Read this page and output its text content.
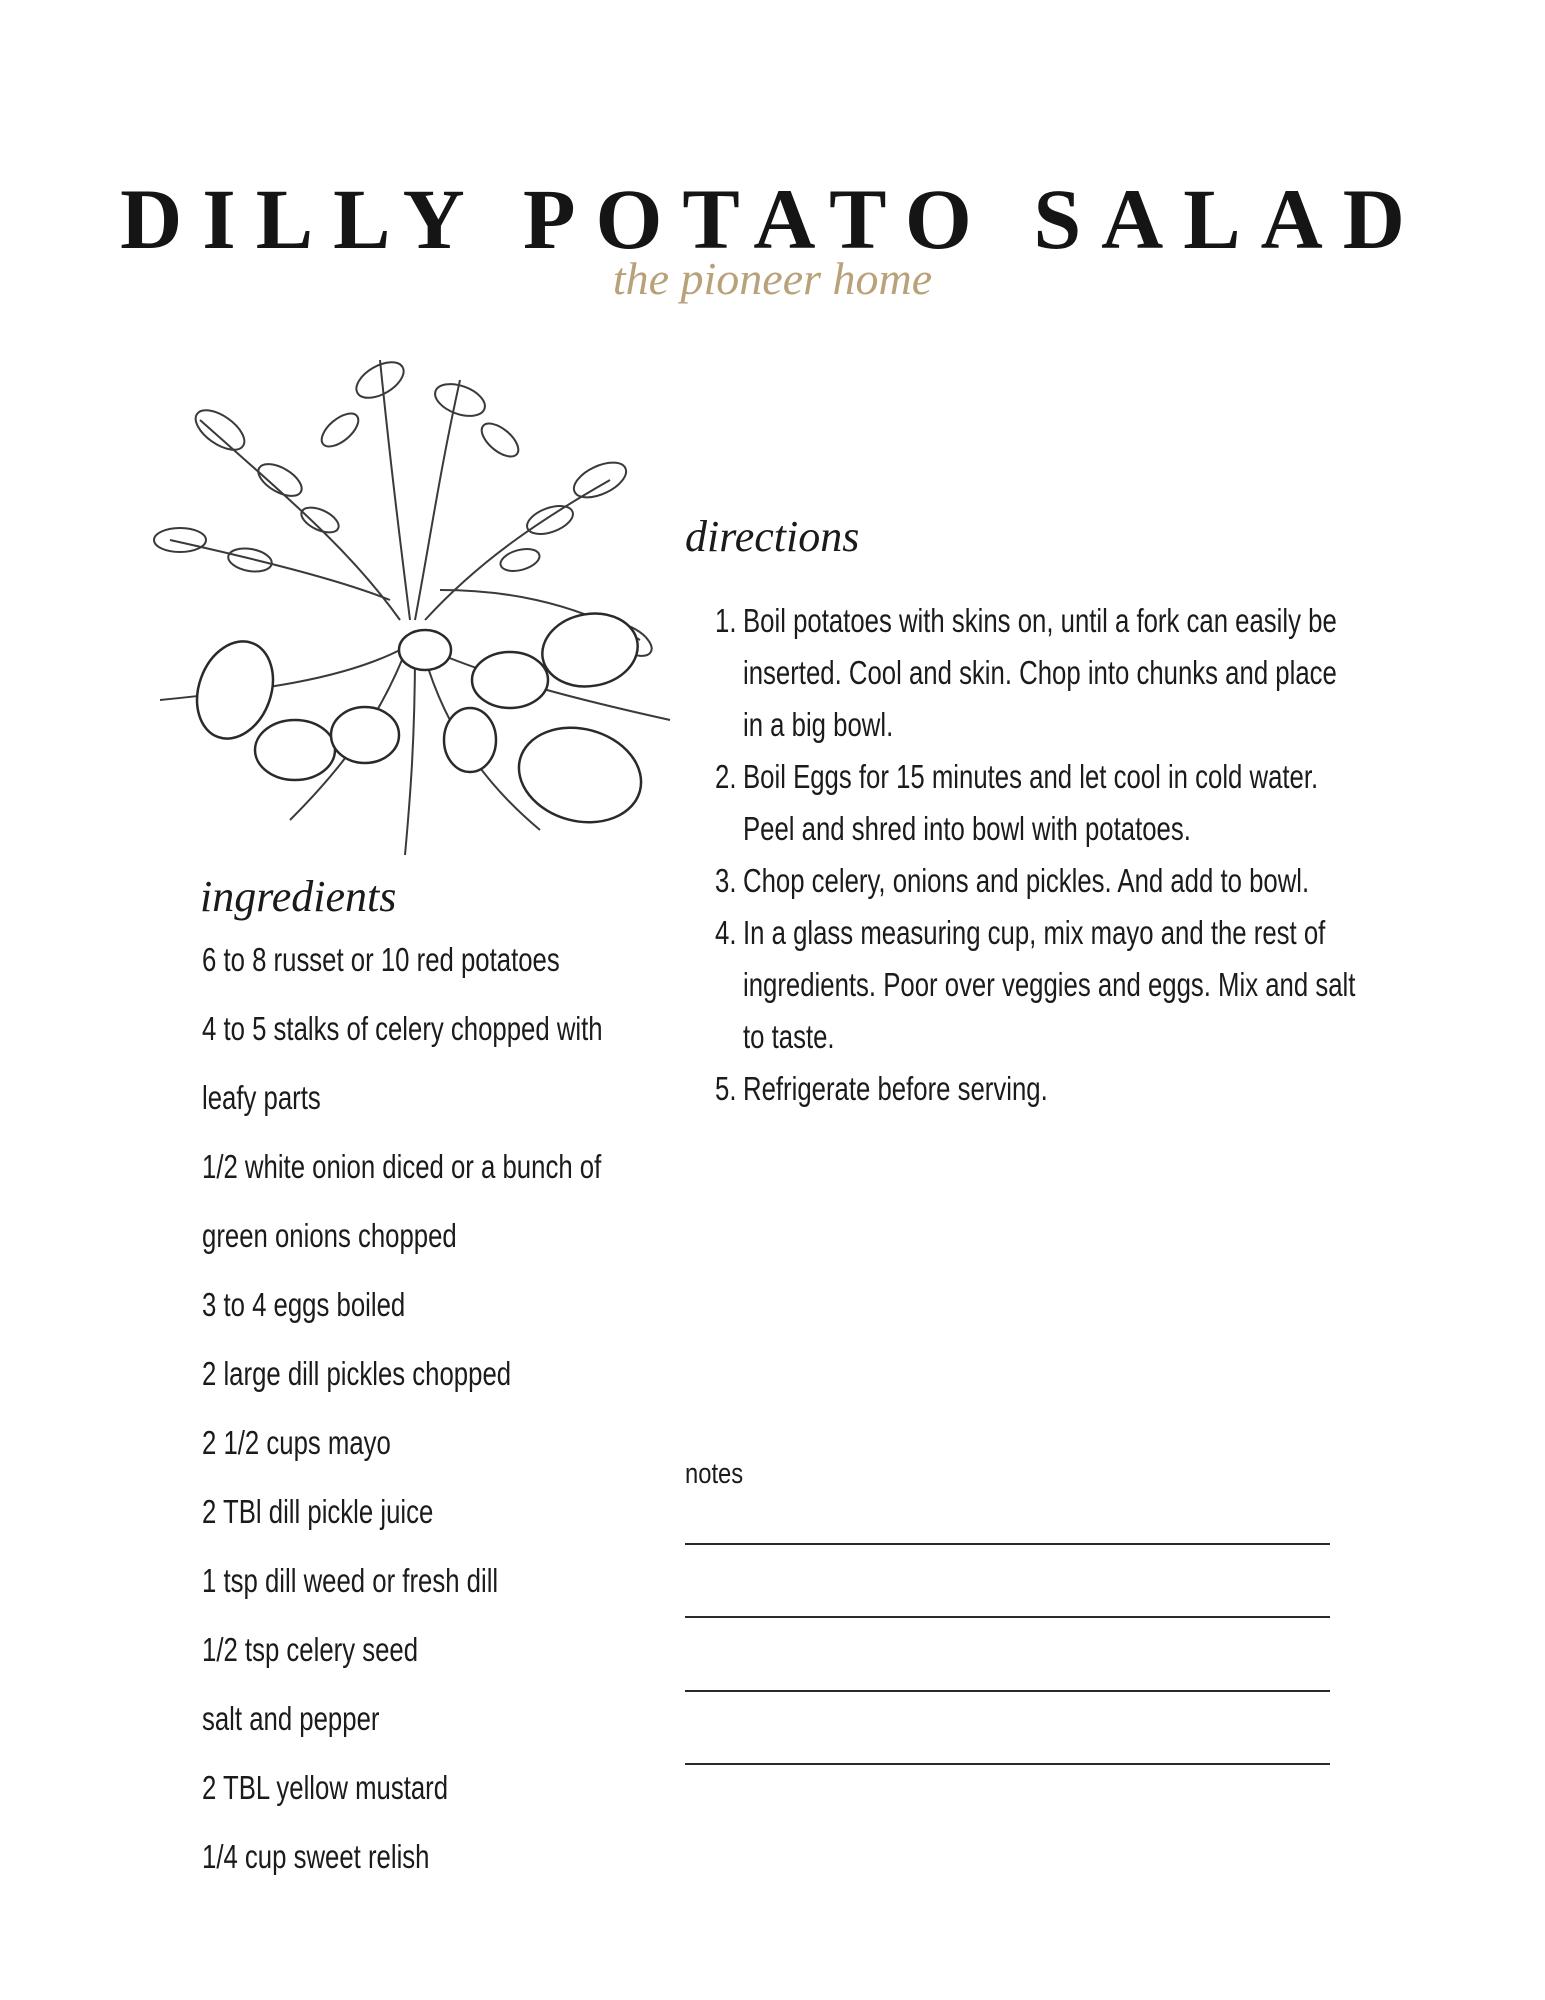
DILLY POTATO SALAD
the pioneer home
ingredients
6 to 8 russet or 10 red potatoes
4 to 5 stalks of celery chopped with
leafy parts
1/2 white onion diced or a bunch of
green onions chopped
3 to 4 eggs boiled
2 large dill pickles chopped
2 1/2 cups mayo
2 TBl dill pickle juice
1 tsp dill weed or fresh dill
1/2 tsp celery seed
salt and pepper
2 TBL yellow mustard
1/4 cup sweet relish
directions
1. Boil potatoes with skins on, until a fork can easily be inserted. Cool and skin. Chop into chunks and place in a big bowl.
2. Boil Eggs for 15 minutes and let cool in cold water. Peel and shred into bowl with potatoes.
3. Chop celery, onions and pickles. And add to bowl.
4. In a glass measuring cup, mix mayo and the rest of ingredients. Poor over veggies and eggs. Mix and salt to taste.
5. Refrigerate before serving.
notes
